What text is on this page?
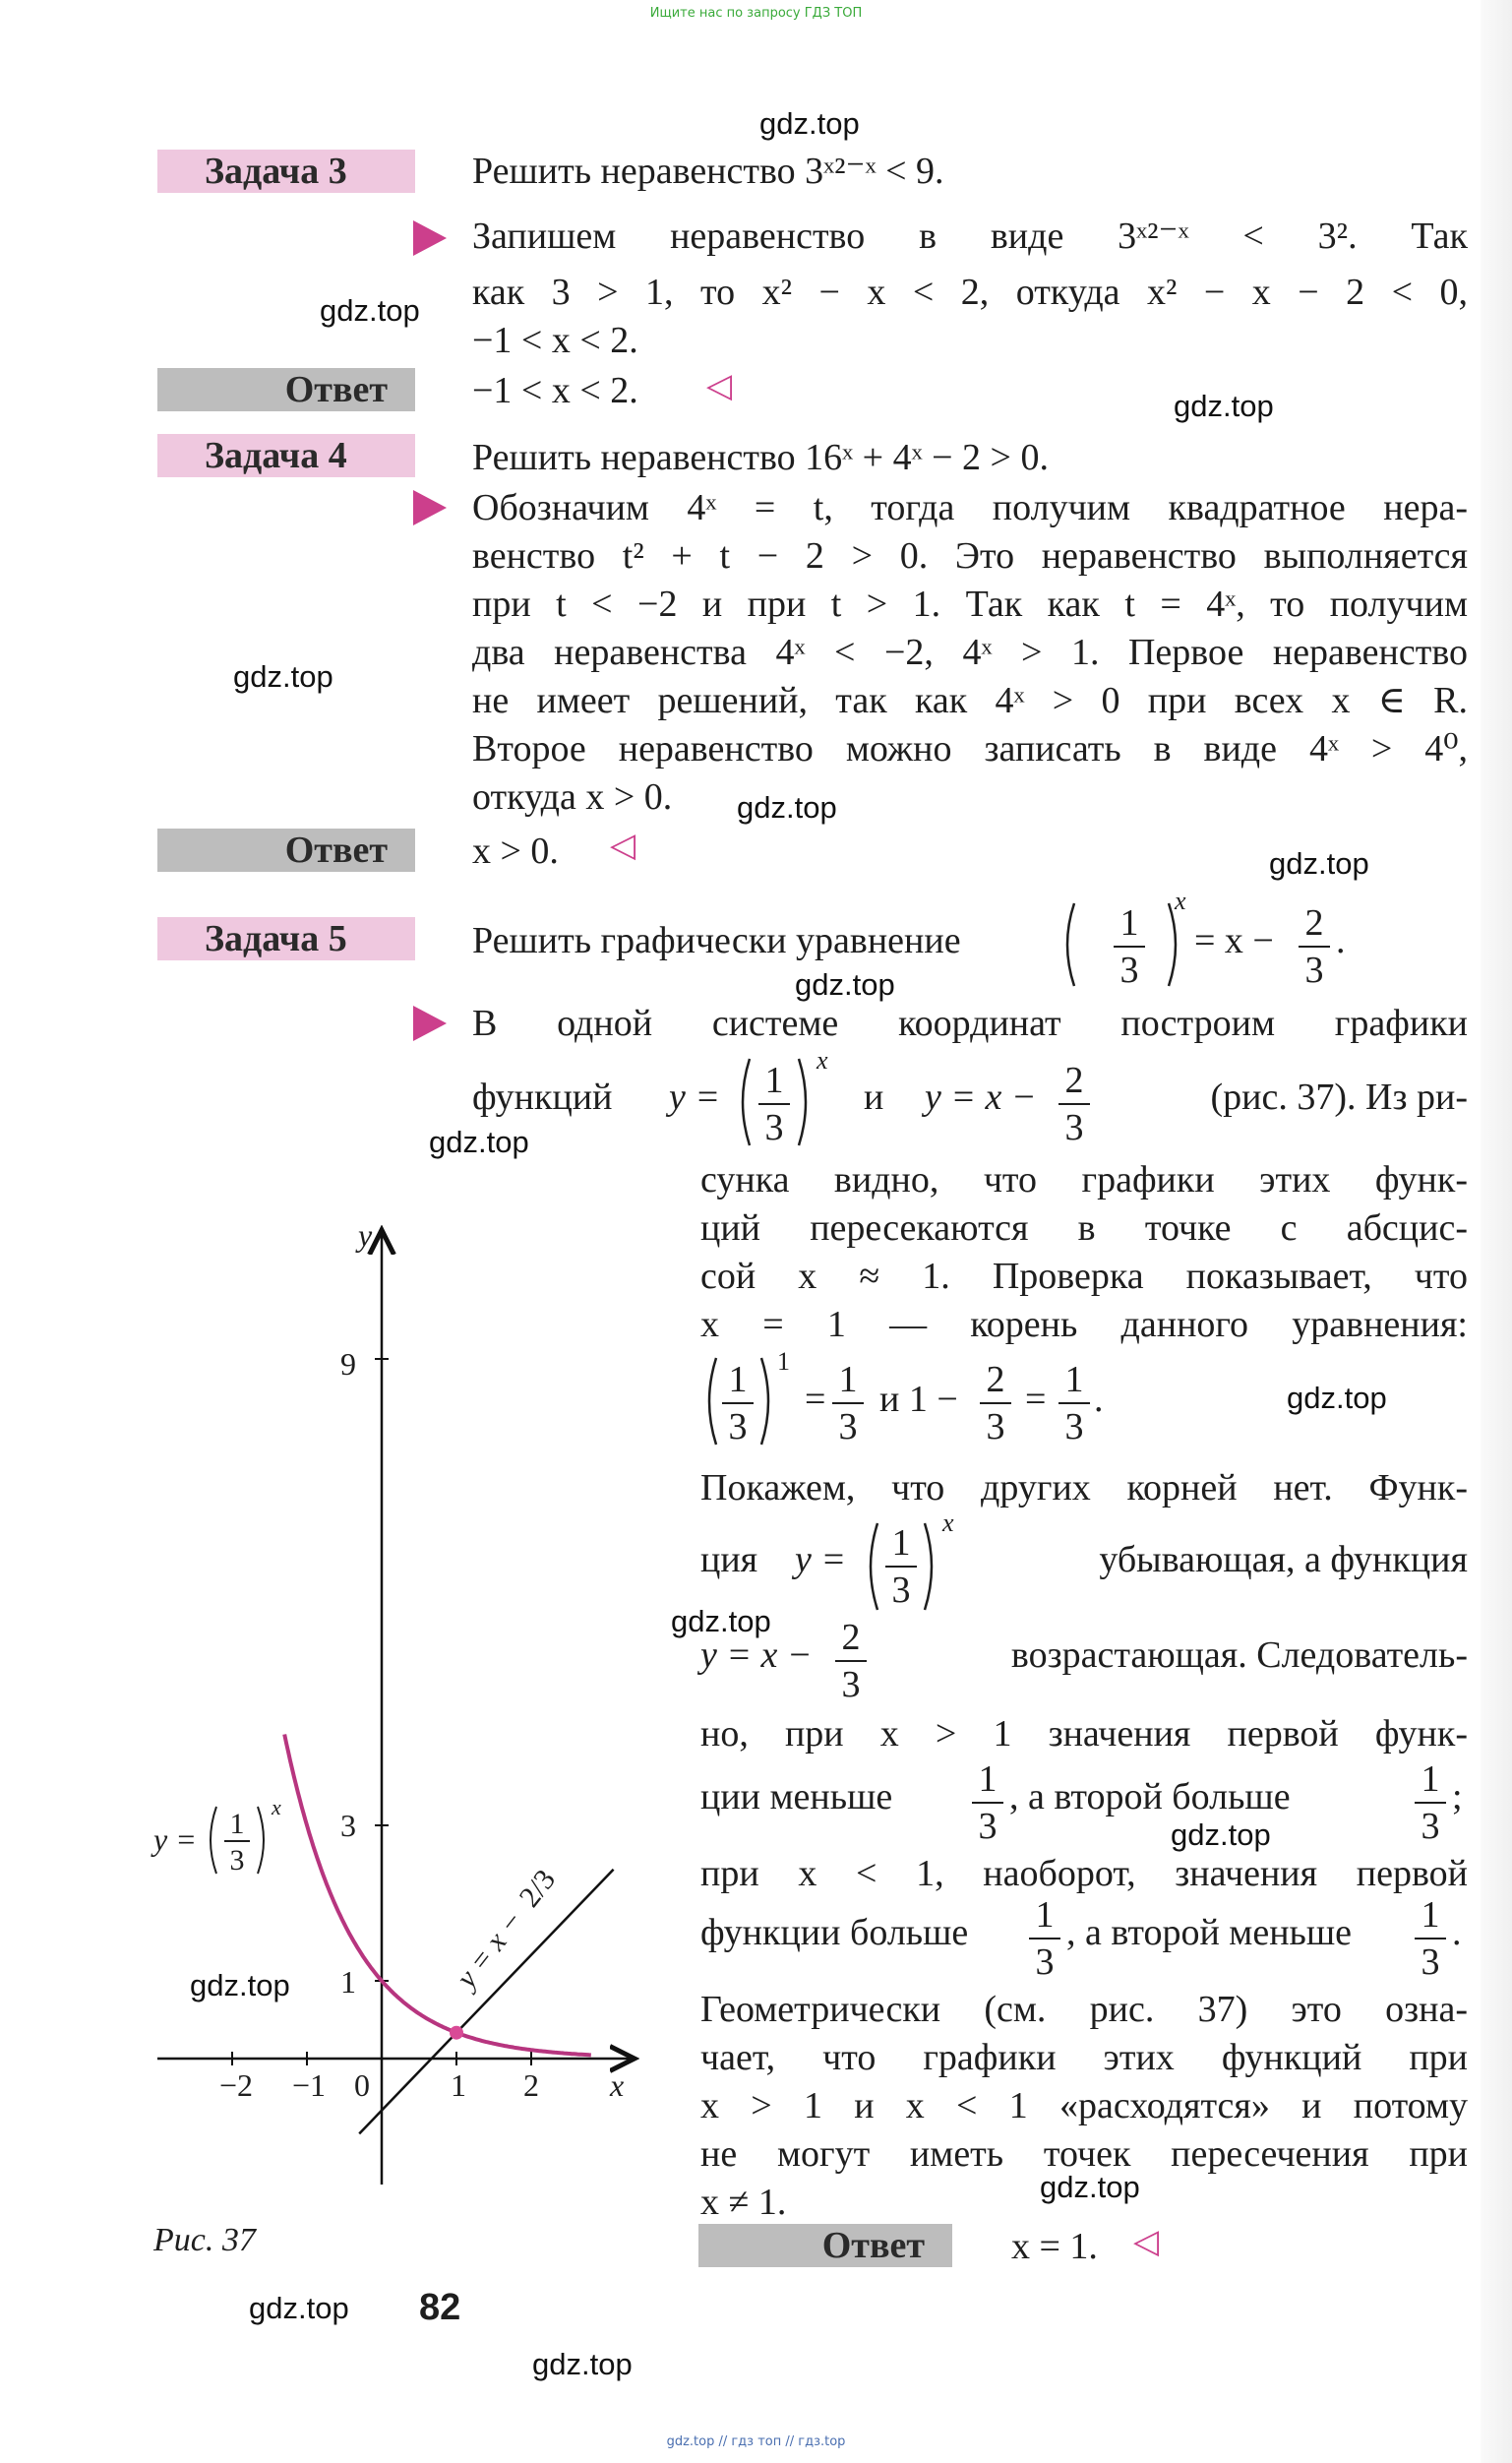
Ищите нас по запросу ГДЗ ТОП
gdz.top
gdz.top
gdz.top
gdz.top
gdz.top
gdz.top
gdz.top
gdz.top
gdz.top
gdz.top
gdz.top
gdz.top
gdz.top
gdz.top
gdz.top
Задача 3	Решить неравенство 3ˣ²⁻ˣ < 9.
Запишем неравенство в виде 3ˣ²⁻ˣ < 3². Так
как 3 > 1, то x² − x < 2, откуда x² − x − 2 < 0,
−1 < x < 2.
Ответ	−1 < x < 2. ◁
Задача 4	Решить неравенство 16ˣ + 4ˣ − 2 > 0.
Обозначим 4ˣ = t, тогда получим квадратное нера-
венство t² + t − 2 > 0. Это неравенство выполняется
при t < −2 и при t > 1. Так как t = 4ˣ, то получим
два неравенства 4ˣ < −2, 4ˣ > 1. Первое неравенство
не имеет решений, так как 4ˣ > 0 при всех x ∈ R.
Второе неравенство можно записать в виде 4ˣ > 4⁰,
откуда x > 0.
Ответ	x > 0. ◁
Задача 5	Решить графически уравнение	1
3
x
= x − 2
3
.
функций y = 1
3
x
и y = x − 2
3
(рис. 37). Из ри-
1
3
1
= 1
3
и 1 − 2
3
= 1
3
.
ция y = 1
3
x
убывающая, а функция
y = x − 2
3
возрастающая. Следователь-
ции меньше 1
3
, а второй больше	1
3
;
функции больше 1
3
, а второй меньше 1
3
.
В одной системе координат построим графики
сунка видно, что графики этих функ-
ций пересекаются в точке с абсцис-
сой x ≈ 1. Проверка показывает, что
x = 1 — корень данного уравнения:
Покажем, что других корней нет. Функ-
но, при x > 1 значения первой функ-
при x < 1, наоборот, значения первой
Геометрически (см. рис. 37) это озна-
чает, что графики этих функций при
x > 1 и x < 1 «расходятся» и потому
не могут иметь точек пересечения при
x ≠ 1.
Ответ	x = 1. ◁
y
x
9
3
1
0
−1
−2	1 2
y = 1
3
x
y = x −
2/3
Рис. 37
82
gdz.top // гдз топ // гдз.top
